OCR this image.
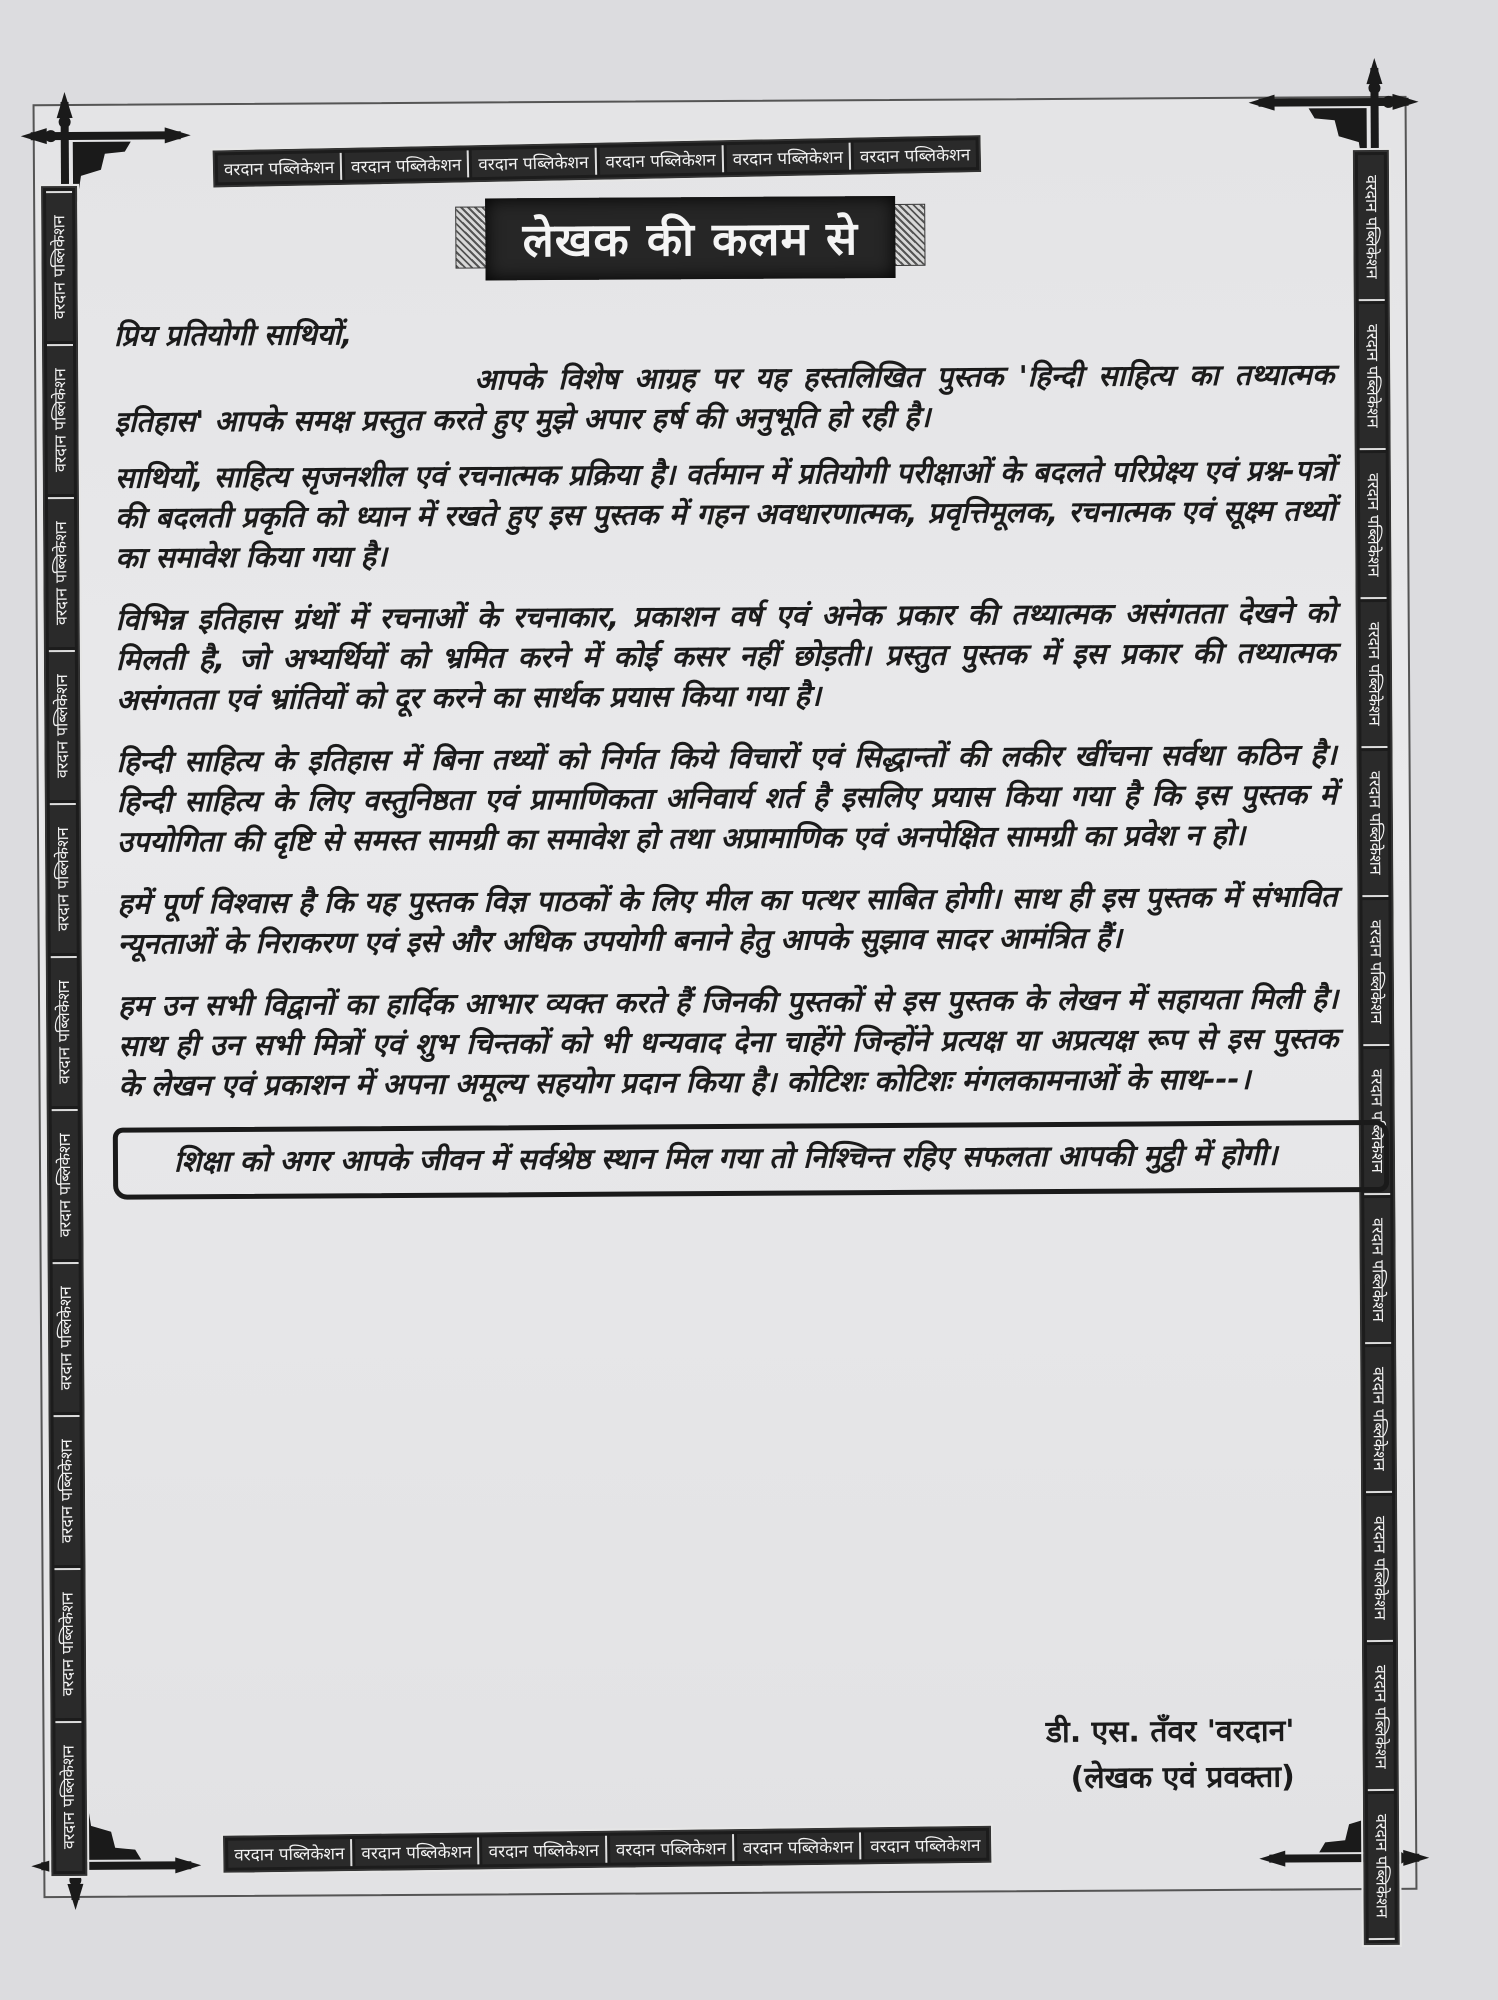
वरदान पब्लिकेशन वरदान पब्लिकेशन वरदान पब्लिकेशन वरदान पब्लिकेशन वरदान पब्लिकेशन वरदान पब्लिकेशन
वरदान पब्लिकेशन
वरदान पब्लिकेशन
वरदान पब्लिकेशन
वरदान पब्लिकेशन
वरदान पब्लिकेशन
वरदान पब्लिकेशन
वरदान पब्लिकेशन
वरदान पब्लिकेशन
वरदान पब्लिकेशन
वरदान पब्लिकेशन
वरदान पब्लिकेशन
वरदान पब्लिकेशन
वरदान पब्लिकेशन
वरदान पब्लिकेशन
वरदान पब्लिकेशन
वरदान पब्लिकेशन
वरदान पब्लिकेशन
वरदान पब्लिकेशन
वरदान पब्लिकेशन
वरदान पब्लिकेशन
वरदान पब्लिकेशन
वरदान पब्लिकेशन
वरदान पब्लिकेशन
लेखक की कलम से

प्रिय प्रतियोगी साथियों,

आपके विशेष आग्रह पर यह हस्तलिखित पुस्तक 'हिन्दी साहित्य का तथ्यात्मक इतिहास' आपके समक्ष प्रस्तुत करते हुए मुझे अपार हर्ष की अनुभूति हो रही है।

साथियों, साहित्य सृजनशील एवं रचनात्मक प्रक्रिया है। वर्तमान में प्रतियोगी परीक्षाओं के बदलते परिप्रेक्ष्य एवं प्रश्न-पत्रों की बदलती प्रकृति को ध्यान में रखते हुए इस पुस्तक में गहन अवधारणात्मक, प्रवृत्तिमूलक, रचनात्मक एवं सूक्ष्म तथ्यों का समावेश किया गया है।

विभिन्न इतिहास ग्रंथों में रचनाओं के रचनाकार, प्रकाशन वर्ष एवं अनेक प्रकार की तथ्यात्मक असंगतता देखने को मिलती है, जो अभ्यर्थियों को भ्रमित करने में कोई कसर नहीं छोड़ती। प्रस्तुत पुस्तक में इस प्रकार की तथ्यात्मक असंगतता एवं भ्रांतियों को दूर करने का सार्थक प्रयास किया गया है।

हिन्दी साहित्य के इतिहास में बिना तथ्यों को निर्गत किये विचारों एवं सिद्धान्तों की लकीर खींचना सर्वथा कठिन है। हिन्दी साहित्य के लिए वस्तुनिष्ठता एवं प्रामाणिकता अनिवार्य शर्त है इसलिए प्रयास किया गया है कि इस पुस्तक में उपयोगिता की दृष्टि से समस्त सामग्री का समावेश हो तथा अप्रामाणिक एवं अनपेक्षित सामग्री का प्रवेश न हो।

हमें पूर्ण विश्वास है कि यह पुस्तक विज्ञ पाठकों के लिए मील का पत्थर साबित होगी। साथ ही इस पुस्तक में संभावित न्यूनताओं के निराकरण एवं इसे और अधिक उपयोगी बनाने हेतु आपके सुझाव सादर आमंत्रित हैं।

हम उन सभी विद्वानों का हार्दिक आभार व्यक्त करते हैं जिनकी पुस्तकों से इस पुस्तक के लेखन में सहायता मिली है। साथ ही उन सभी मित्रों एवं शुभ चिन्तकों को भी धन्यवाद देना चाहेंगे जिन्होंने प्रत्यक्ष या अप्रत्यक्ष रूप से इस पुस्तक के लेखन एवं प्रकाशन में अपना अमूल्य सहयोग प्रदान किया है। कोटिशः कोटिशः मंगलकामनाओं के साथ---।

शिक्षा को अगर आपके जीवन में सर्वश्रेष्ठ स्थान मिल गया तो निश्चिन्त रहिए सफलता आपकी मुट्ठी में होगी।
डी. एस. तँवर 'वरदान'
(लेखक एवं प्रवक्ता)
वरदान पब्लिकेशन वरदान पब्लिकेशन वरदान पब्लिकेशन वरदान पब्लिकेशन वरदान पब्लिकेशन वरदान पब्लिकेशन
